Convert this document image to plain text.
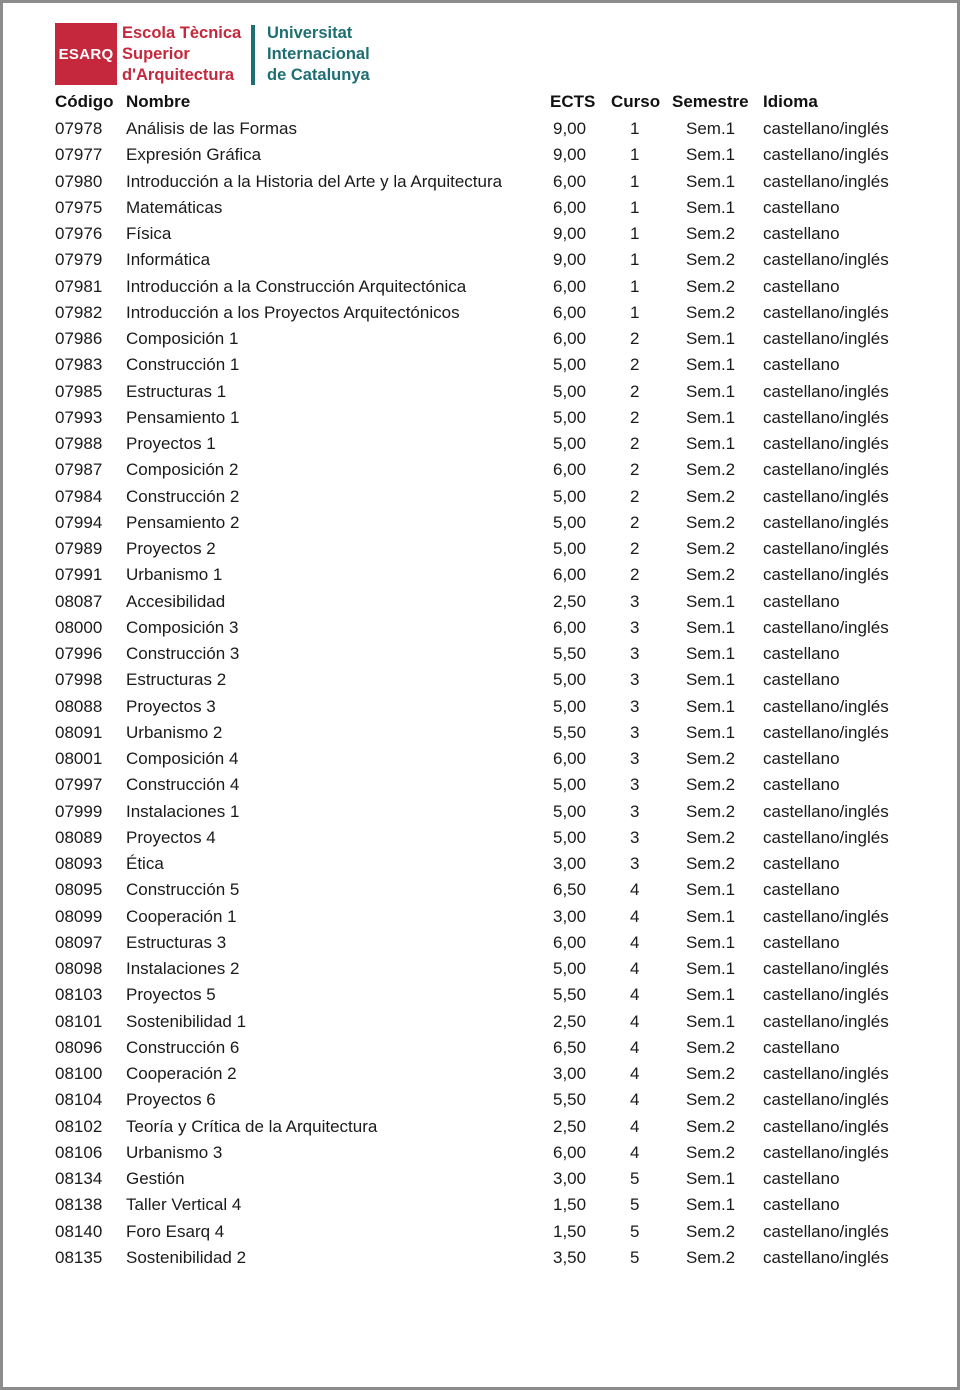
ESARQ
Escola Tècnica
Superior
d'Arquitectura
Universitat
Internacional
de Catalunya
Código Nombre	ECTS Curso Semestre Idioma
07978 Análisis de las Formas	9,00	1	Sem.1 castellano/inglés
07977 Expresión Gráfica	9,00	1	Sem.1 castellano/inglés
07980 Introducción a la Historia del Arte y la Arquitectura	6,00	1	Sem.1 castellano/inglés
07975 Matemáticas	6,00	1	Sem.1 castellano
07976 Física	9,00	1	Sem.2 castellano
07979 Informática	9,00	1	Sem.2 castellano/inglés
07981 Introducción a la Construcción Arquitectónica	6,00	1	Sem.2 castellano
07982 Introducción a los Proyectos Arquitectónicos	6,00	1	Sem.2 castellano/inglés
07986 Composición 1	6,00	2	Sem.1 castellano/inglés
07983 Construcción 1	5,00	2	Sem.1 castellano
07985 Estructuras 1	5,00	2	Sem.1 castellano/inglés
07993 Pensamiento 1	5,00	2	Sem.1 castellano/inglés
07988 Proyectos 1	5,00	2	Sem.1 castellano/inglés
07987 Composición 2	6,00	2	Sem.2 castellano/inglés
07984 Construcción 2	5,00	2	Sem.2 castellano/inglés
07994 Pensamiento 2	5,00	2	Sem.2 castellano/inglés
07989 Proyectos 2	5,00	2	Sem.2 castellano/inglés
07991 Urbanismo 1	6,00	2	Sem.2 castellano/inglés
08087 Accesibilidad	2,50	3	Sem.1 castellano
08000 Composición 3	6,00	3	Sem.1 castellano/inglés
07996 Construcción 3	5,50	3	Sem.1 castellano
07998 Estructuras 2	5,00	3	Sem.1 castellano
08088 Proyectos 3	5,00	3	Sem.1 castellano/inglés
08091 Urbanismo 2	5,50	3	Sem.1 castellano/inglés
08001 Composición 4	6,00	3	Sem.2 castellano
07997 Construcción 4	5,00	3	Sem.2 castellano
07999 Instalaciones 1	5,00	3	Sem.2 castellano/inglés
08089 Proyectos 4	5,00	3	Sem.2 castellano/inglés
08093 Ética	3,00	3	Sem.2 castellano
08095 Construcción 5	6,50	4	Sem.1 castellano
08099 Cooperación 1	3,00	4	Sem.1 castellano/inglés
08097 Estructuras 3	6,00	4	Sem.1 castellano
08098 Instalaciones 2	5,00	4	Sem.1 castellano/inglés
08103 Proyectos 5	5,50	4	Sem.1 castellano/inglés
08101 Sostenibilidad 1	2,50	4	Sem.1 castellano/inglés
08096 Construcción 6	6,50	4	Sem.2 castellano
08100 Cooperación 2	3,00	4	Sem.2 castellano/inglés
08104 Proyectos 6	5,50	4	Sem.2 castellano/inglés
08102 Teoría y Crítica de la Arquitectura	2,50	4	Sem.2 castellano/inglés
08106 Urbanismo 3	6,00	4	Sem.2 castellano/inglés
08134 Gestión	3,00	5	Sem.1 castellano
08138 Taller Vertical 4	1,50	5	Sem.1 castellano
08140 Foro Esarq 4	1,50	5	Sem.2 castellano/inglés
08135 Sostenibilidad 2	3,50	5	Sem.2 castellano/inglés
